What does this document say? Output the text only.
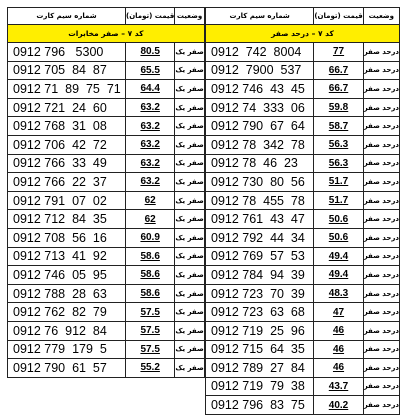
شماره سیم کارت	قیمت (تومان)	وضعیت
کد ۷ – صفر مخابرات		
0912 796   5300	80.5	صفر یک
0912 705  84  87	65.5	صفر یک
0912 71  89  75  71	64.4	صفر یک
0912 721  24  60	63.2	صفر یک
0912 768  31  08	63.2	صفر یک
0912 706  42  72	63.2	صفر یک
0912 766  33  49	63.2	صفر یک
0912 766  22  37	63.2	صفر یک
0912 791  07  02	62	صفر یک
0912 712  84  35	62	صفر یک
0912 708  56  16	60.9	صفر یک
0912 713  41  92	58.6	صفر یک
0912 746  05  95	58.6	صفر یک
0912 788  28  63	58.6	صفر یک
0912 762  82  79	57.5	صفر یک
0912 76  912  84	57.5	صفر یک
0912 779  179  5	57.5	صفر یک
0912 790  61  57	55.2	صفر یک
شماره سیم کارت	قیمت (تومان)	وضعیت
کد ۷ – درحد صفر		
0912  742  8004	77	درحد صفر
0912  7900  537	66.7	درحد صفر
0912 746  43  45	66.7	درحد صفر
0912 74  333  06	59.8	درحد صفر
0912 790  67  64	58.7	درحد صفر
0912 78  342  78	56.3	درحد صفر
0912 78  46  23	56.3	درحد صفر
0912 730  80  56	51.7	درحد صفر
0912 78  455  78	51.7	درحد صفر
0912 761  43  47	50.6	درحد صفر
0912 792  44  34	50.6	درحد صفر
0912 769  57  53	49.4	درحد صفر
0912 784  94  39	49.4	درحد صفر
0912 723  70  39	48.3	درحد صفر
0912 723  63  68	47	درحد صفر
0912 719  25  96	46	درحد صفر
0912 715  64  35	46	درحد صفر
0912 789  27  84	46	درحد صفر
0912 719  79  38	43.7	درحد صفر
0912 796  83  75	40.2	درحد صفر
